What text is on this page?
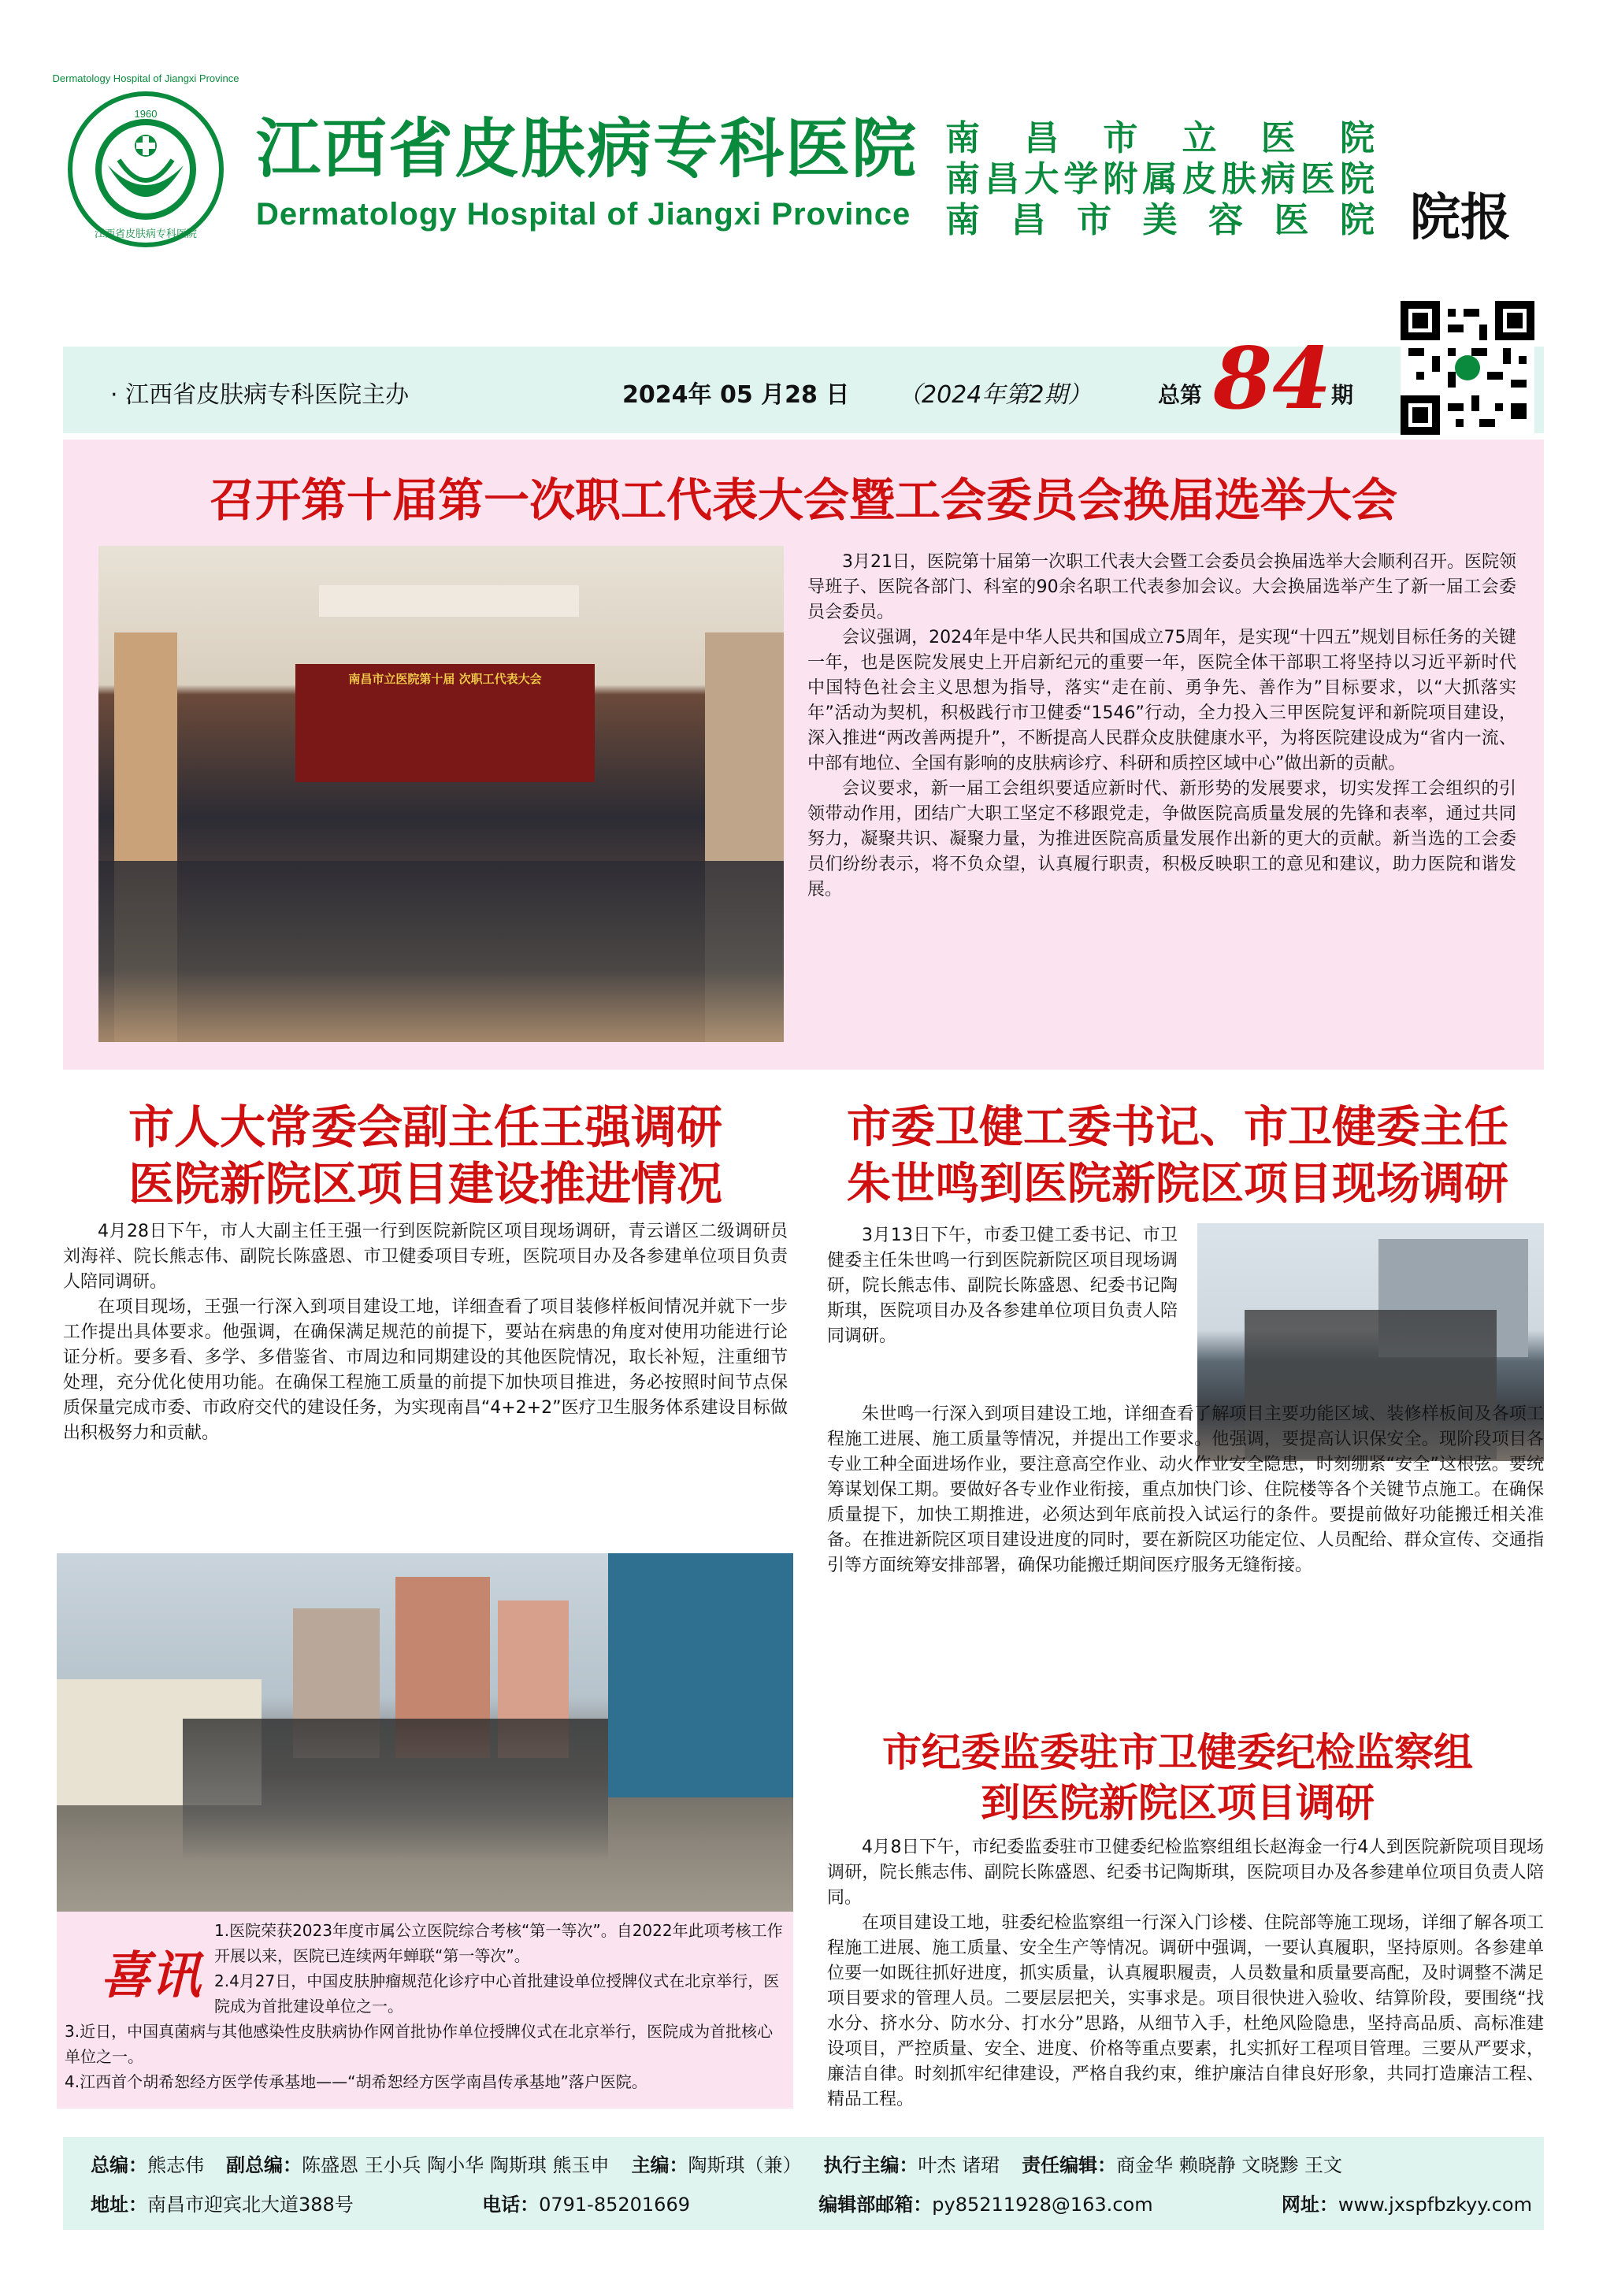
1960
江西省皮肤病专科医院
Dermatology Hospital of Jiangxi Province
江西省皮肤病专科医院
Dermatology Hospital of Jiangxi Province
南 昌 市 立 医 院
南昌大学附属皮肤病医院
南 昌 市 美 容 医 院 院报
· 江西省皮肤病专科医院主办	2024年 05 月28 日 （2024年第2期）	总第 84 期
召开第十届第一次职工代表大会暨工会委员会换届选举大会
南昌市立医院第十届 次职工代表大会

3月21日，医院第十届第一次职工代表大会暨工会委员会换届选举大会顺利召开。医院领导班子、医院各部门、科室的90余名职工代表参加会议。大会换届选举产生了新一届工会委员会委员。

会议强调，2024年是中华人民共和国成立75周年，是实现“十四五”规划目标任务的关键一年，也是医院发展史上开启新纪元的重要一年，医院全体干部职工将坚持以习近平新时代中国特色社会主义思想为指导，落实“走在前、勇争先、善作为”目标要求，以“大抓落实年”活动为契机，积极践行市卫健委“1546”行动，全力投入三甲医院复评和新院项目建设，深入推进“两改善两提升”，不断提高人民群众皮肤健康水平，为将医院建设成为“省内一流、中部有地位、全国有影响的皮肤病诊疗、科研和质控区域中心”做出新的贡献。

会议要求，新一届工会组织要适应新时代、新形势的发展要求，切实发挥工会组织的引领带动作用，团结广大职工坚定不移跟党走，争做医院高质量发展的先锋和表率，通过共同努力，凝聚共识、凝聚力量，为推进医院高质量发展作出新的更大的贡献。新当选的工会委员们纷纷表示，将不负众望，认真履行职责，积极反映职工的意见和建议，助力医院和谐发展。

市人大常委会副主任王强调研
医院新院区项目建设推进情况

4月28日下午，市人大副主任王强一行到医院新院区项目现场调研，青云谱区二级调研员刘海祥、院长熊志伟、副院长陈盛恩、市卫健委项目专班，医院项目办及各参建单位项目负责人陪同调研。

在项目现场，王强一行深入到项目建设工地，详细查看了项目装修样板间情况并就下一步工作提出具体要求。他强调，在确保满足规范的前提下，要站在病患的角度对使用功能进行论证分析。要多看、多学、多借鉴省、市周边和同期建设的其他医院情况，取长补短，注重细节处理，充分优化使用功能。在确保工程施工质量的前提下加快项目推进，务必按照时间节点保质保量完成市委、市政府交代的建设任务，为实现南昌“4+2+2”医疗卫生服务体系建设目标做出积极努力和贡献。

市委卫健工委书记、市卫健委主任
朱世鸣到医院新院区项目现场调研

3月13日下午，市委卫健工委书记、市卫健委主任朱世鸣一行到医院新院区项目现场调研，院长熊志伟、副院长陈盛恩、纪委书记陶斯琪，医院项目办及各参建单位项目负责人陪同调研。

朱世鸣一行深入到项目建设工地，详细查看了解项目主要功能区域、装修样板间及各项工程施工进展、施工质量等情况，并提出工作要求。他强调，要提高认识保安全。现阶段项目各专业工种全面进场作业，要注意高空作业、动火作业安全隐患，时刻绷紧“安全”这根弦。要统筹谋划保工期。要做好各专业作业衔接，重点加快门诊、住院楼等各个关键节点施工。在确保质量提下，加快工期推进，必须达到年底前投入试运行的条件。要提前做好功能搬迁相关准备。在推进新院区项目建设进度的同时，要在新院区功能定位、人员配给、群众宣传、交通指引等方面统筹安排部署，确保功能搬迁期间医疗服务无缝衔接。

市纪委监委驻市卫健委纪检监察组
到医院新院区项目调研

4月8日下午，市纪委监委驻市卫健委纪检监察组组长赵海金一行4人到医院新院项目现场调研，院长熊志伟、副院长陈盛恩、纪委书记陶斯琪，医院项目办及各参建单位项目负责人陪同。

在项目建设工地，驻委纪检监察组一行深入门诊楼、住院部等施工现场，详细了解各项工程施工进展、施工质量、安全生产等情况。调研中强调，一要认真履职，坚持原则。各参建单位要一如既往抓好进度，抓实质量，认真履职履责，人员数量和质量要高配，及时调整不满足项目要求的管理人员。二要层层把关，实事求是。项目很快进入验收、结算阶段，要围绕“找水分、挤水分、防水分、打水分”思路，从细节入手，杜绝风险隐患，坚持高品质、高标准建设项目，严控质量、安全、进度、价格等重点要素，扎实抓好工程项目管理。三要从严要求，廉洁自律。时刻抓牢纪律建设，严格自我约束，维护廉洁自律良好形象，共同打造廉洁工程、精品工程。

喜讯
1.医院荣获2023年度市属公立医院综合考核“第一等次”。自2022年此项考核工作开展以来，医院已连续两年蝉联“第一等次”。
2.4月27日，中国皮肤肿瘤规范化诊疗中心首批建设单位授牌仪式在北京举行，医院成为首批建设单位之一。
3.近日，中国真菌病与其他感染性皮肤病协作网首批协作单位授牌仪式在北京举行，医院成为首批核心单位之一。
4.江西首个胡希恕经方医学传承基地——“胡希恕经方医学南昌传承基地”落户医院。
总编：熊志伟 副总编：陈盛恩 王小兵 陶小华 陶斯琪 熊玉申 主编：陶斯琪（兼） 执行主编：叶杰 诸珺 责任编辑：商金华 赖晓静 文晓黪 王文
地址：南昌市迎宾北大道388号	电话：0791-85201669	编辑部邮箱：py85211928@163.com	网址：www.jxspfbzkyy.com
